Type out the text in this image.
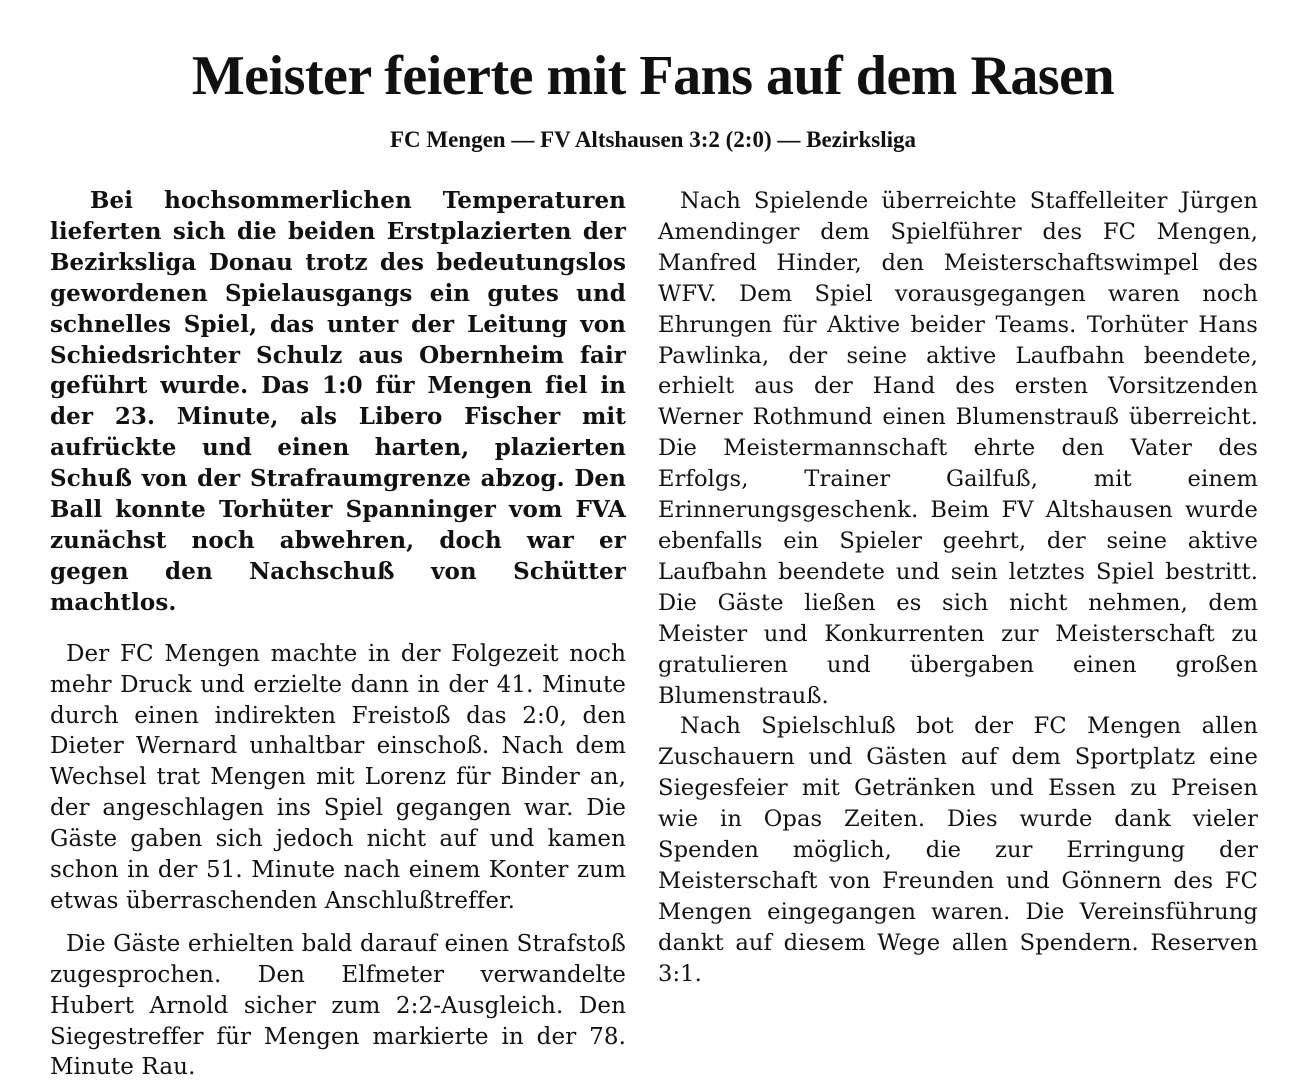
Meister feierte mit Fans auf dem Rasen
FC Mengen — FV Altshausen 3:2 (2:0) — Bezirksliga

Bei hochsommerlichen Temperaturen lieferten sich die beiden Erstplazierten der Bezirksliga Donau trotz des bedeutungslos gewordenen Spielausgangs ein gutes und schnelles Spiel, das unter der Leitung von Schiedsrichter Schulz aus Obernheim fair geführt wurde. Das 1:0 für Mengen fiel in der 23. Minute, als Libero Fischer mit aufrückte und einen harten, plazierten Schuß von der Strafraumgrenze abzog. Den Ball konnte Torhüter Spanninger vom FVA zunächst noch abwehren, doch war er gegen den Nachschuß von Schütter machtlos.

Der FC Mengen machte in der Folgezeit noch mehr Druck und erzielte dann in der 41. Minute durch einen indirekten Freistoß das 2:0, den Dieter Wernard unhaltbar einschoß. Nach dem Wechsel trat Mengen mit Lorenz für Binder an, der angeschlagen ins Spiel gegangen war. Die Gäste gaben sich jedoch nicht auf und kamen schon in der 51. Minute nach einem Konter zum etwas überraschenden Anschlußtreffer.

Die Gäste erhielten bald darauf einen Strafstoß zugesprochen. Den Elfmeter verwandelte Hubert Arnold sicher zum 2:2-Ausgleich. Den Siegestreffer für Mengen markierte in der 78. Minute Rau.

Nach Spielende überreichte Staffelleiter Jürgen Amendinger dem Spielführer des FC Mengen, Manfred Hinder, den Meisterschaftswimpel des WFV. Dem Spiel vorausgegangen waren noch Ehrungen für Aktive beider Teams. Torhüter Hans Pawlinka, der seine aktive Laufbahn beendete, erhielt aus der Hand des ersten Vorsitzenden Werner Rothmund einen Blumenstrauß überreicht. Die Meistermannschaft ehrte den Vater des Erfolgs, Trainer Gailfuß, mit einem Erinnerungsgeschenk. Beim FV Altshausen wurde ebenfalls ein Spieler geehrt, der seine aktive Laufbahn beendete und sein letztes Spiel bestritt. Die Gäste ließen es sich nicht nehmen, dem Meister und Konkurrenten zur Meisterschaft zu gratulieren und übergaben einen großen Blumenstrauß.

Nach Spielschluß bot der FC Mengen allen Zuschauern und Gästen auf dem Sportplatz eine Siegesfeier mit Getränken und Essen zu Preisen wie in Opas Zeiten. Dies wurde dank vieler Spenden möglich, die zur Erringung der Meisterschaft von Freunden und Gönnern des FC Mengen eingegangen waren. Die Vereinsführung dankt auf diesem Wege allen Spendern. Reserven 3:1.
